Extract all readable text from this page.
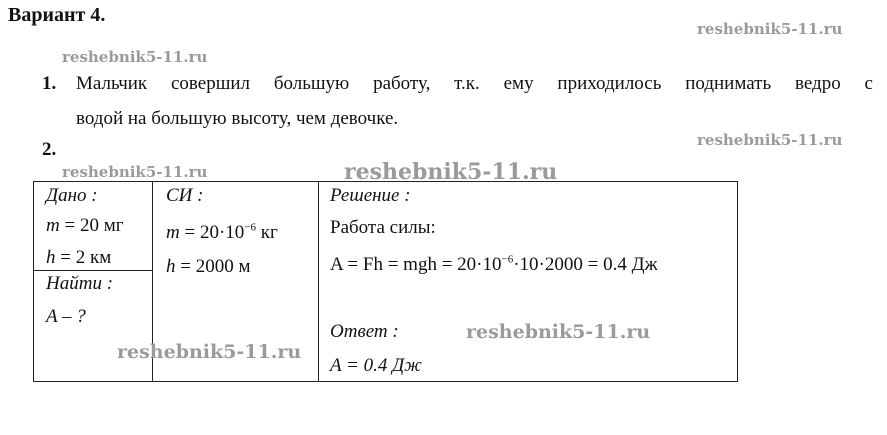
Вариант 4.
reshebnik5-11.ru
reshebnik5-11.ru
reshebnik5-11.ru
reshebnik5-11.ru	reshebnik5-11.ru
1. Мальчик совершил большую работу, т.к. ему приходилось поднимать ведро с
водой на большую высоту, чем девочке.
2.
Дано :
m = 20 мг
h = 2 км
Найти :
A – ?
СИ :
$m = 20\cdot 10^{-6}$ кг
h = 2000 м
Решение :
Работа силы:
A = Fh = mgh = $20\cdot 10^{-6}\cdot 10\cdot 2000 = 0.4$ Дж
Ответ :
A = 0.4 Дж
reshebnik5-11.ru
reshebnik5-11.ru
